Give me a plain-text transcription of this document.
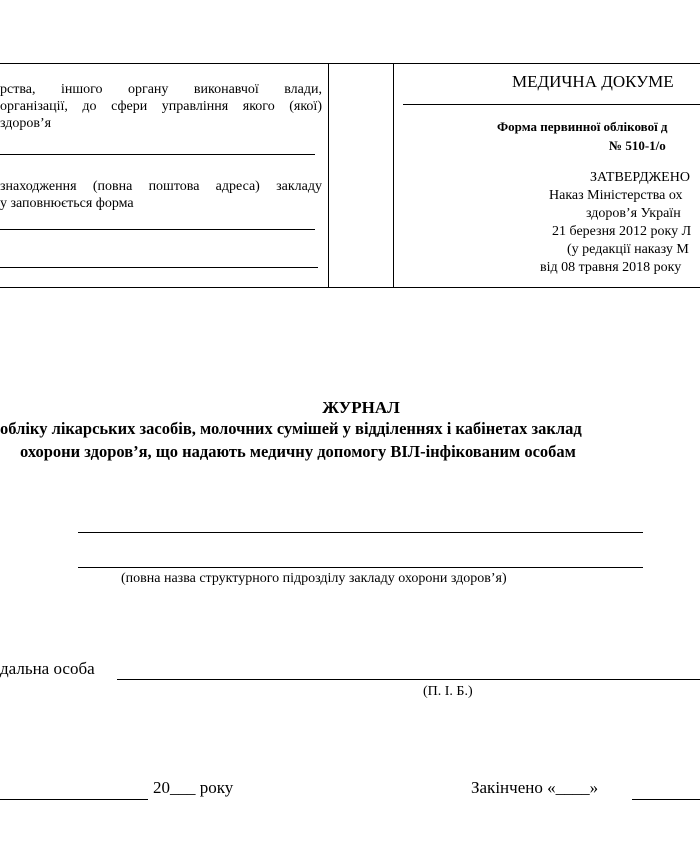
рства, іншого органу виконавчої влади,
організації, до сфери управління якого (якої)
здоров’я
знаходження (повна поштова адреса) закладу
у заповнюється форма
МЕДИЧНА ДОКУМЕ
Форма первинної облікової д
№ 510-1/о
ЗАТВЕРДЖЕНО
Наказ Міністерства ох
здоров’я Україн
21 березня 2012 року Л
(у редакції наказу М
від 08 травня 2018 року
ЖУРНАЛ
обліку лікарських засобів, молочних сумішей у відділеннях і кабінетах заклад
охорони здоров’я, що надають медичну допомогу ВІЛ-інфікованим особам
(повна назва структурного підрозділу закладу охорони здоров’я)
дальна особа
(П. І. Б.)
20___ року	Закінчено «____»
